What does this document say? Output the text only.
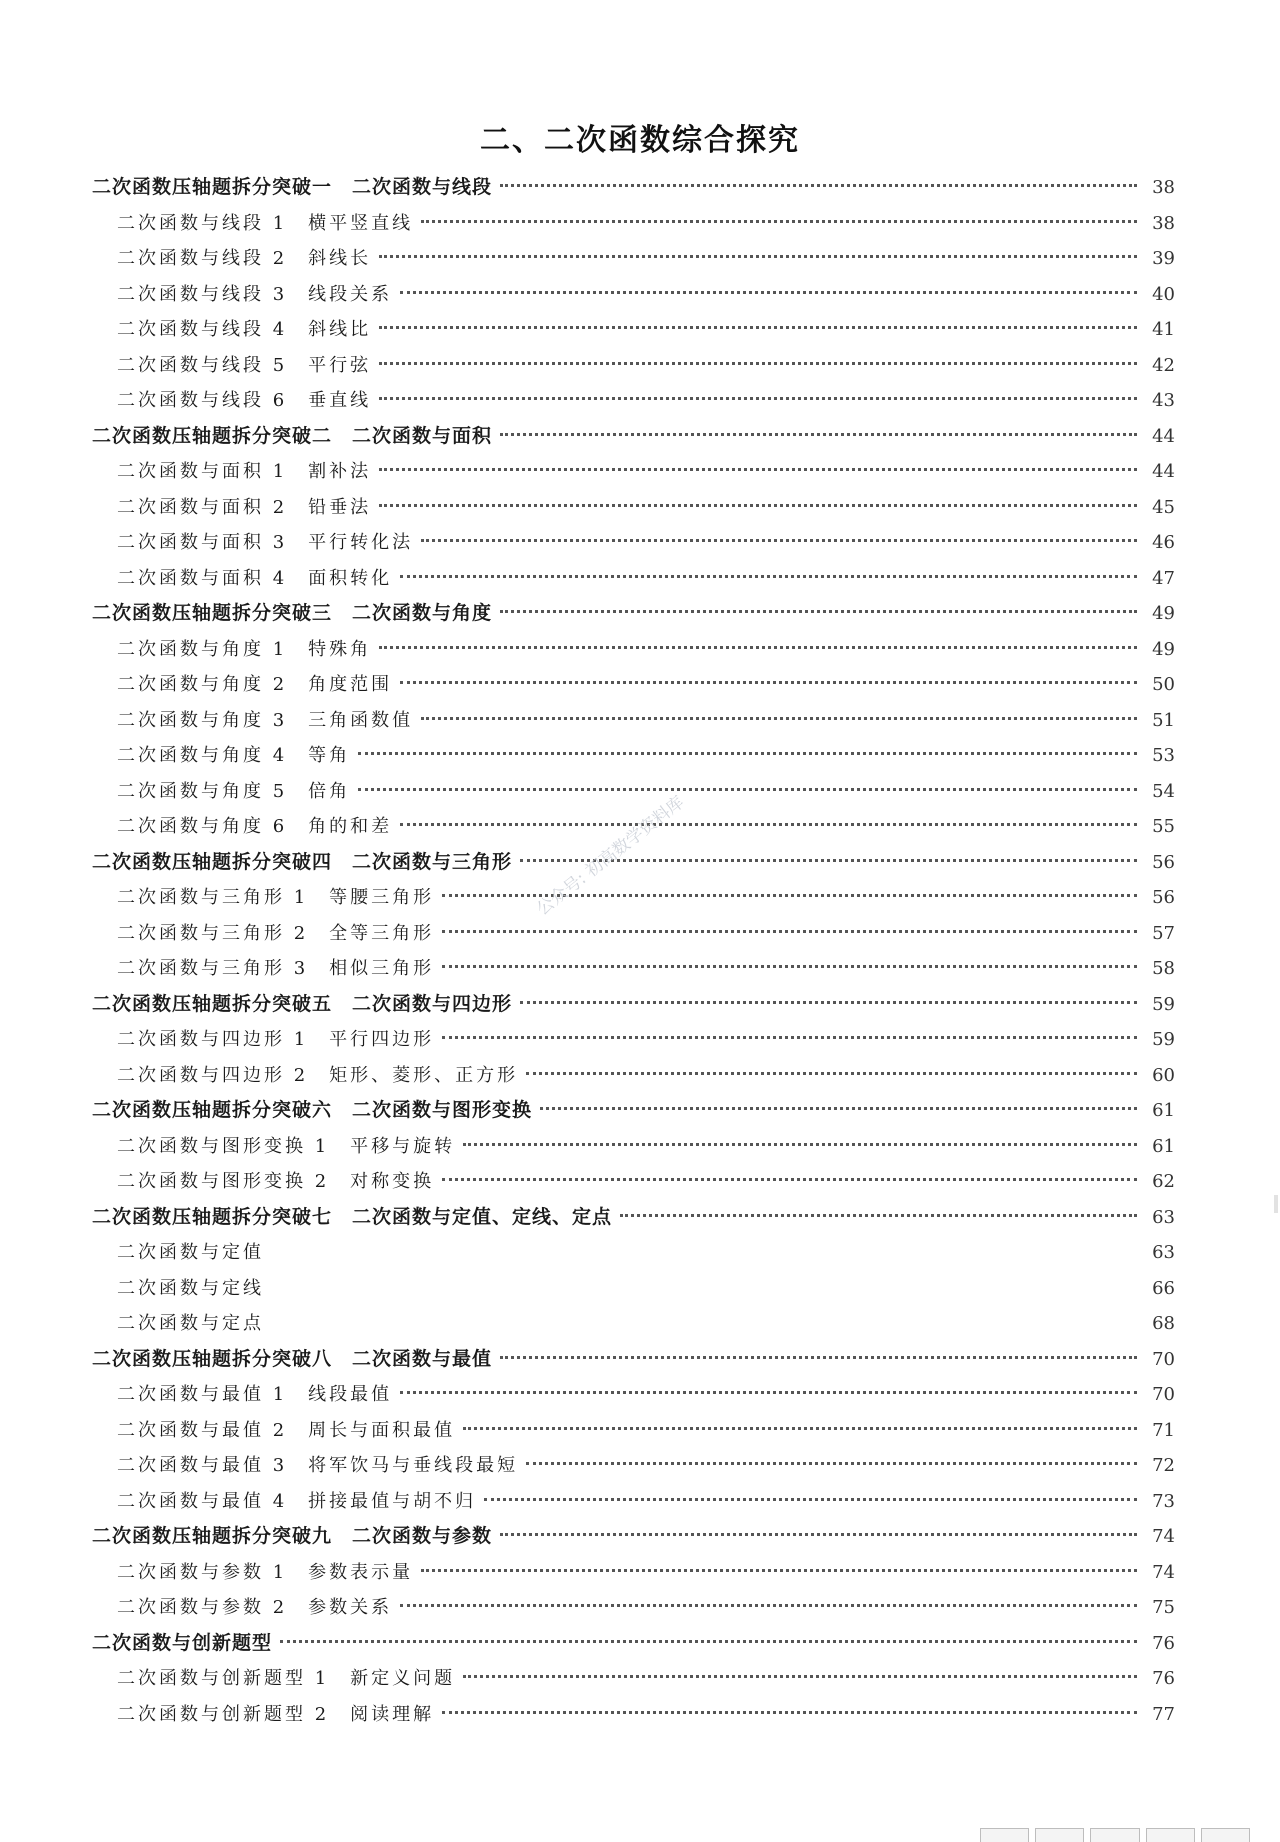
二、二次函数综合探究
二次函数压轴题拆分突破一　二次函数与线段	38
二次函数与线段 1　横平竖直线	38
二次函数与线段 2　斜线长	39
二次函数与线段 3　线段关系	40
二次函数与线段 4　斜线比	41
二次函数与线段 5　平行弦	42
二次函数与线段 6　垂直线	43
二次函数压轴题拆分突破二　二次函数与面积	44
二次函数与面积 1　割补法	44
二次函数与面积 2　铅垂法	45
二次函数与面积 3　平行转化法	46
二次函数与面积 4　面积转化	47
二次函数压轴题拆分突破三　二次函数与角度	49
二次函数与角度 1　特殊角	49
二次函数与角度 2　角度范围	50
二次函数与角度 3　三角函数值	51
二次函数与角度 4　等角	53
二次函数与角度 5　倍角	54
二次函数与角度 6　角的和差	55
二次函数压轴题拆分突破四　二次函数与三角形	56
二次函数与三角形 1　等腰三角形	56
二次函数与三角形 2　全等三角形	57
二次函数与三角形 3　相似三角形	58
二次函数压轴题拆分突破五　二次函数与四边形	59
二次函数与四边形 1　平行四边形	59
二次函数与四边形 2　矩形、菱形、正方形	60
二次函数压轴题拆分突破六　二次函数与图形变换	61
二次函数与图形变换 1　平移与旋转	61
二次函数与图形变换 2　对称变换	62
二次函数压轴题拆分突破七　二次函数与定值、定线、定点	63
二次函数与定值	63
二次函数与定线	66
二次函数与定点	68
二次函数压轴题拆分突破八　二次函数与最值	70
二次函数与最值 1　线段最值	70
二次函数与最值 2　周长与面积最值	71
二次函数与最值 3　将军饮马与垂线段最短	72
二次函数与最值 4　拼接最值与胡不归	73
二次函数压轴题拆分突破九　二次函数与参数	74
二次函数与参数 1　参数表示量	74
二次函数与参数 2　参数关系	75
二次函数与创新题型	76
二次函数与创新题型 1　新定义问题	76
二次函数与创新题型 2　阅读理解	77
公众号: 初高数学资料库
